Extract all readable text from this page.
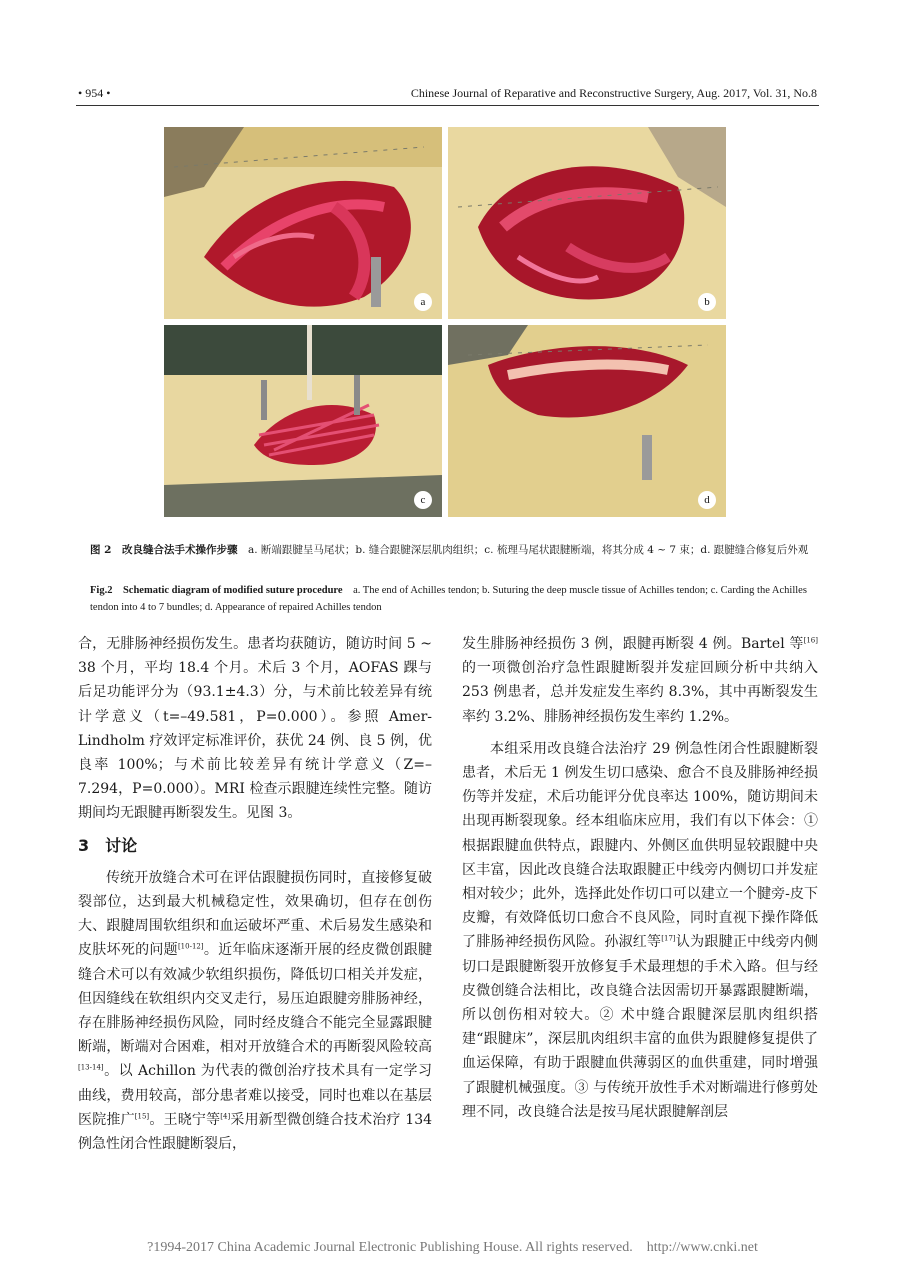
• 954 •	Chinese Journal of Reparative and Reconstructive Surgery, Aug. 2017, Vol. 31, No.8
a	b
c	d
图 2　改良缝合法手术操作步骤　 a. 断端跟腱呈马尾状；b. 缝合跟腱深层肌肉组织；c. 梳理马尾状跟腱断端，将其分成 4 ~ 7 束；d. 跟腱缝合修复后外观
Fig.2　Schematic diagram of modified suture procedure　 a. The end of Achilles tendon; b. Suturing the deep muscle tissue of Achilles tendon; c. Carding the Achilles tendon into 4 to 7 bundles; d. Appearance of repaired Achilles tendon

合，无腓肠神经损伤发生。患者均获随访，随访时间 5 ~ 38 个月，平均 18.4 个月。术后 3 个月，AOFAS 踝与后足功能评分为（93.1±4.3）分，与术前比较差异有统计学意义（t=–49.581，P=0.000）。参照 Amer-Lindholm 疗效评定标准评价，获优 24 例、良 5 例，优良率 100%；与术前比较差异有统计学意义（Z=–7.294，P=0.000）。MRI 检查示跟腱连续性完整。随访期间均无跟腱再断裂发生。见图 3。

3　讨论

传统开放缝合术可在评估跟腱损伤同时，直接修复破裂部位，达到最大机械稳定性，效果确切，但存在创伤大、跟腱周围软组织和血运破坏严重、术后易发生感染和皮肤坏死的问题[10-12]。近年临床逐渐开展的经皮微创跟腱缝合术可以有效减少软组织损伤，降低切口相关并发症，但因缝线在软组织内交叉走行，易压迫跟腱旁腓肠神经，存在腓肠神经损伤风险，同时经皮缝合不能完全显露跟腱断端，断端对合困难，相对开放缝合术的再断裂风险较高[13-14]。以 Achillon 为代表的微创治疗技术具有一定学习曲线，费用较高，部分患者难以接受，同时也难以在基层医院推广[15]。王晓宁等[4]采用新型微创缝合技术治疗 134 例急性闭合性跟腱断裂后，

发生腓肠神经损伤 3 例，跟腱再断裂 4 例。Bartel 等[16]的一项微创治疗急性跟腱断裂并发症回顾分析中共纳入 253 例患者，总并发症发生率约 8.3%，其中再断裂发生率约 3.2%、腓肠神经损伤发生率约 1.2%。

本组采用改良缝合法治疗 29 例急性闭合性跟腱断裂患者，术后无 1 例发生切口感染、愈合不良及腓肠神经损伤等并发症，术后功能评分优良率达 100%，随访期间未出现再断裂现象。经本组临床应用，我们有以下体会：① 根据跟腱血供特点，跟腱内、外侧区血供明显较跟腱中央区丰富，因此改良缝合法取跟腱正中线旁内侧切口并发症相对较少；此外，选择此处作切口可以建立一个腱旁-皮下皮瓣，有效降低切口愈合不良风险，同时直视下操作降低了腓肠神经损伤风险。孙淑红等[17]认为跟腱正中线旁内侧切口是跟腱断裂开放修复手术最理想的手术入路。但与经皮微创缝合法相比，改良缝合法因需切开暴露跟腱断端，所以创伤相对较大。② 术中缝合跟腱深层肌肉组织搭建“跟腱床”，深层肌肉组织丰富的血供为跟腱修复提供了血运保障，有助于跟腱血供薄弱区的血供重建，同时增强了跟腱机械强度。③ 与传统开放性手术对断端进行修剪处理不同，改良缝合法是按马尾状跟腱解剖层

?1994-2017 China Academic Journal Electronic Publishing House. All rights reserved.　http://www.cnki.net
